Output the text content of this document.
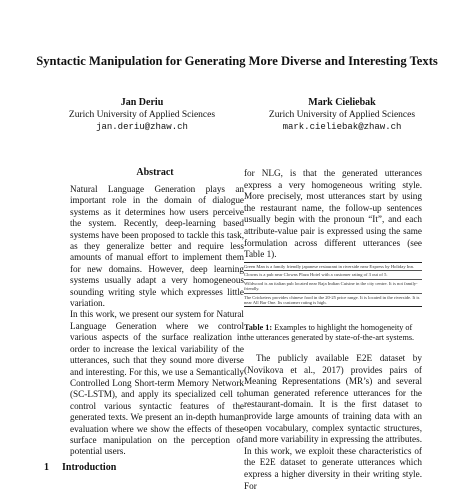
Syntactic Manipulation for Generating More Diverse and Interesting Texts
Jan Deriu
Zurich University of Applied Sciences
jan.deriu@zhaw.ch
Mark Cieliebak
Zurich University of Applied Sciences
mark.cieliebak@zhaw.ch
Abstract

Natural Language Generation plays an important role in the domain of dialogue systems as it determines how users perceive the system. Recently, deep-learning based systems have been proposed to tackle this task, as they generalize better and require less amounts of manual effort to implement them for new domains. However, deep learning systems usually adapt a very homogeneous sounding writing style which expresses little variation.

In this work, we present our system for Natural Language Generation where we control various aspects of the surface realization in order to increase the lexical variability of the utterances, such that they sound more diverse and interesting. For this, we use a Semantically Controlled Long Short-term Memory Network (SC-LSTM), and apply its specialized cell to control various syntactic features of the generated texts. We present an in-depth human evaluation where we show the effects of these surface manipulation on the perception of potential users.

1 Introduction
for NLG, is that the generated utterances express a very homogeneous writing style. More precisely, most utterances start by using the restaurant name, the follow-up sentences usually begin with the pronoun “It”, and each attribute-value pair is expressed using the same formulation across different utterances (see Table 1).
Green Man is a family friendly japanese restaurant in riverside near Express by Holiday Inn.
Clowns is a pub near Clowns Plaza Hotel with a customer rating of 3 out of 5.
Wildwood is an italian pub located near Raja Indian Cuisine in the city centre. It is not family-friendly.
The Cricketers provides chinese food in the 20-25 price range. It is located in the riverside. It is near All Bar One. Its customer rating is high.
Table 1: Examples to highlight the homogeneity of the utterances generated by state-of-the-art systems.

The publicly available E2E dataset by (Novikova et al., 2017) provides pairs of Meaning Representations (MR’s) and several human generated reference utterances for the restaurant-domain. It is the first dataset to provide large amounts of training data with an open vocabulary, complex syntactic structures, and more variability in expressing the attributes. In this work, we exploit these characteristics of the E2E dataset to generate utterances which express a higher diversity in their writing style. For
